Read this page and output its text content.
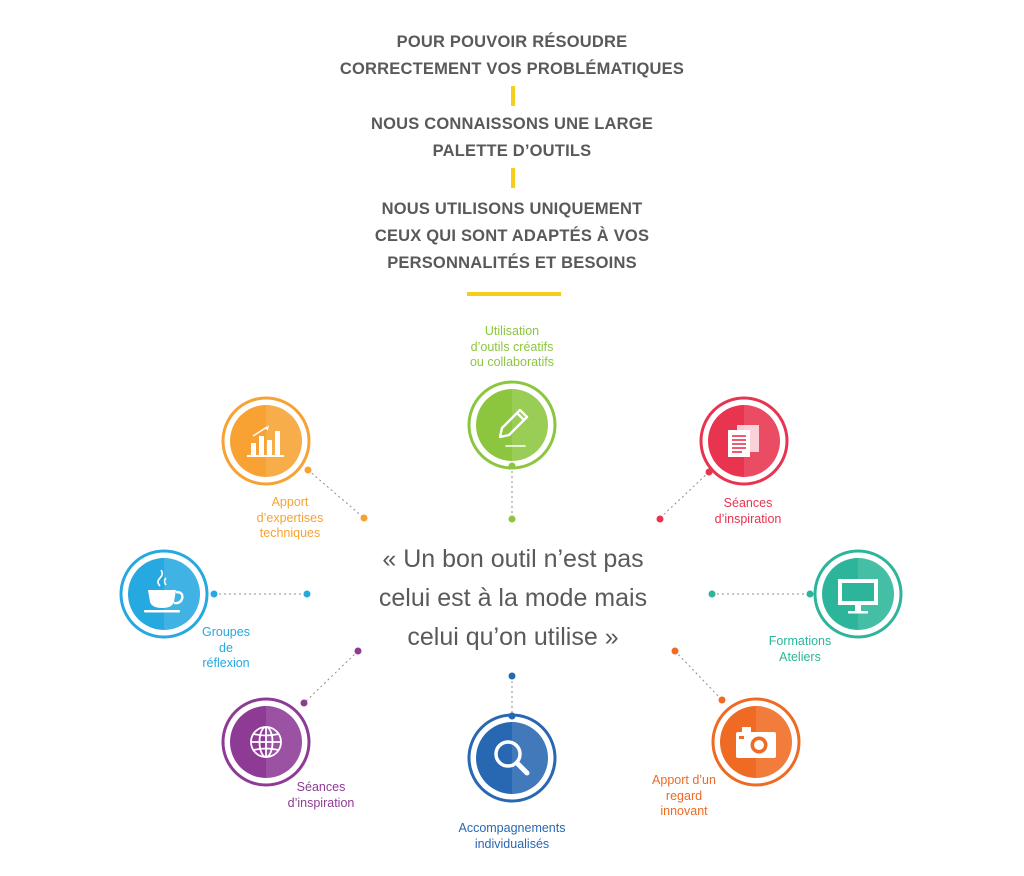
POUR POUVOIR RÉSOUDRE
CORRECTEMENT VOS PROBLÉMATIQUES
NOUS CONNAISSONS UNE LARGE
PALETTE D’OUTILS
NOUS UTILISONS UNIQUEMENT
CEUX QUI SONT ADAPTÉS À VOS
PERSONNALITÉS ET BESOINS
Utilisation
d’outils créatifs
ou collaboratifs
Apport
d’expertises
techniques
Séances
d’inspiration
Groupes
de
réflexion
Formations
Ateliers
Séances
d’inspiration
Accompagnements
individualisés
Apport d’un
regard
innovant
« Un bon outil n’est pas
celui est à la mode mais
celui qu’on utilise »
